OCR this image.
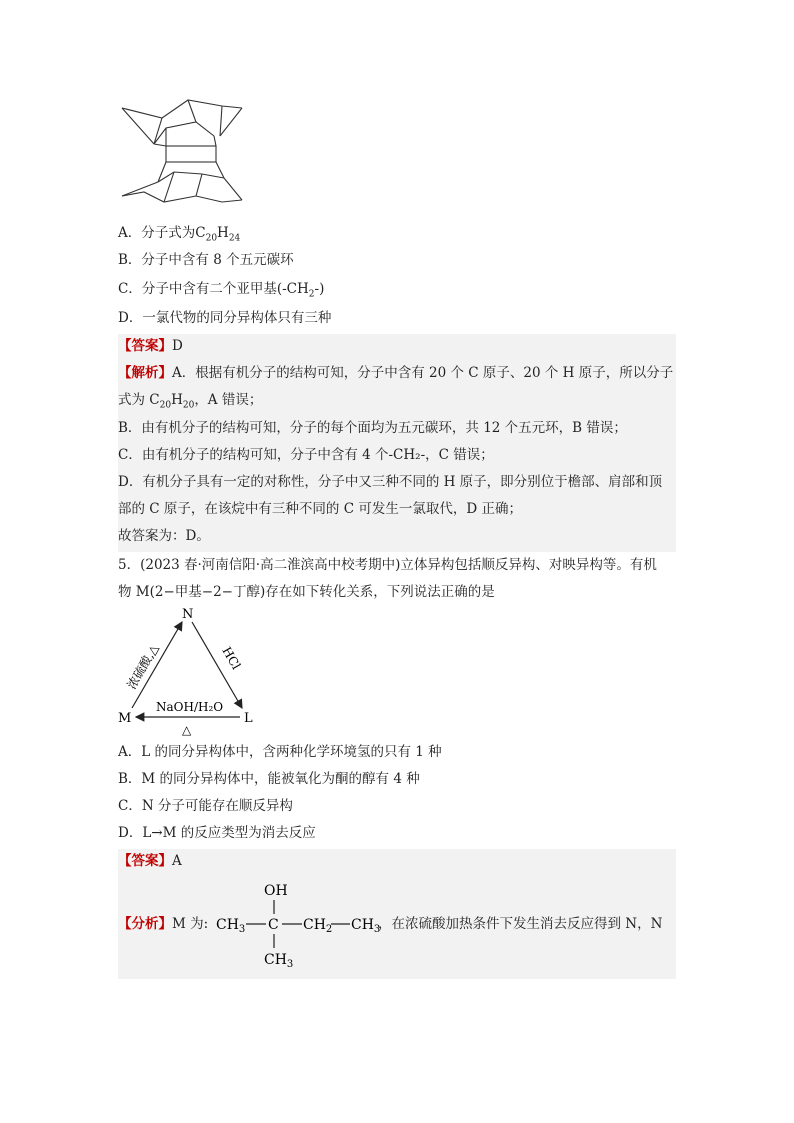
A．分子式为$C_{20}H_{24}$
B．分子中含有 8 个五元碳环
C．分子中含有二个亚甲基$(-CH_2-)$
D．一氯代物的同分异构体只有三种
【答案】D
【解析】A．根据有机分子的结构可知，分子中含有 20 个 C 原子、20 个 H 原子，所以分子
式为 $C_{20}H_{20}$，A 错误；
B．由有机分子的结构可知，分子的每个面均为五元碳环，共 12 个五元环，B 错误；
C．由有机分子的结构可知，分子中含有 4 个-CH₂-，C 错误；
D．有机分子具有一定的对称性，分子中又三种不同的 H 原子，即分别位于檐部、肩部和顶
部的 C 原子，在该烷中有三种不同的 C 可发生一氯取代，D 正确；
故答案为：D。
5．(2023 春·河南信阳·高二淮滨高中校考期中)立体异构包括顺反异构、对映异构等。有机
物 M(2−甲基−2−丁醇)存在如下转化关系，下列说法正确的是
N
M	L
浓硫酸,△	HCl
NaOH/H₂O
△
A．L 的同分异构体中，含两种化学环境氢的只有 1 种
B．M 的同分异构体中，能被氧化为酮的醇有 4 种
C．N 分子可能存在顺反异构
D．L→M 的反应类型为消去反应
【答案】A
【分析】M 为:	，在浓硫酸加热条件下发生消去反应得到 N，N
OH
$CH_3$ C $CH_2$ $CH_3$
$CH_3$
